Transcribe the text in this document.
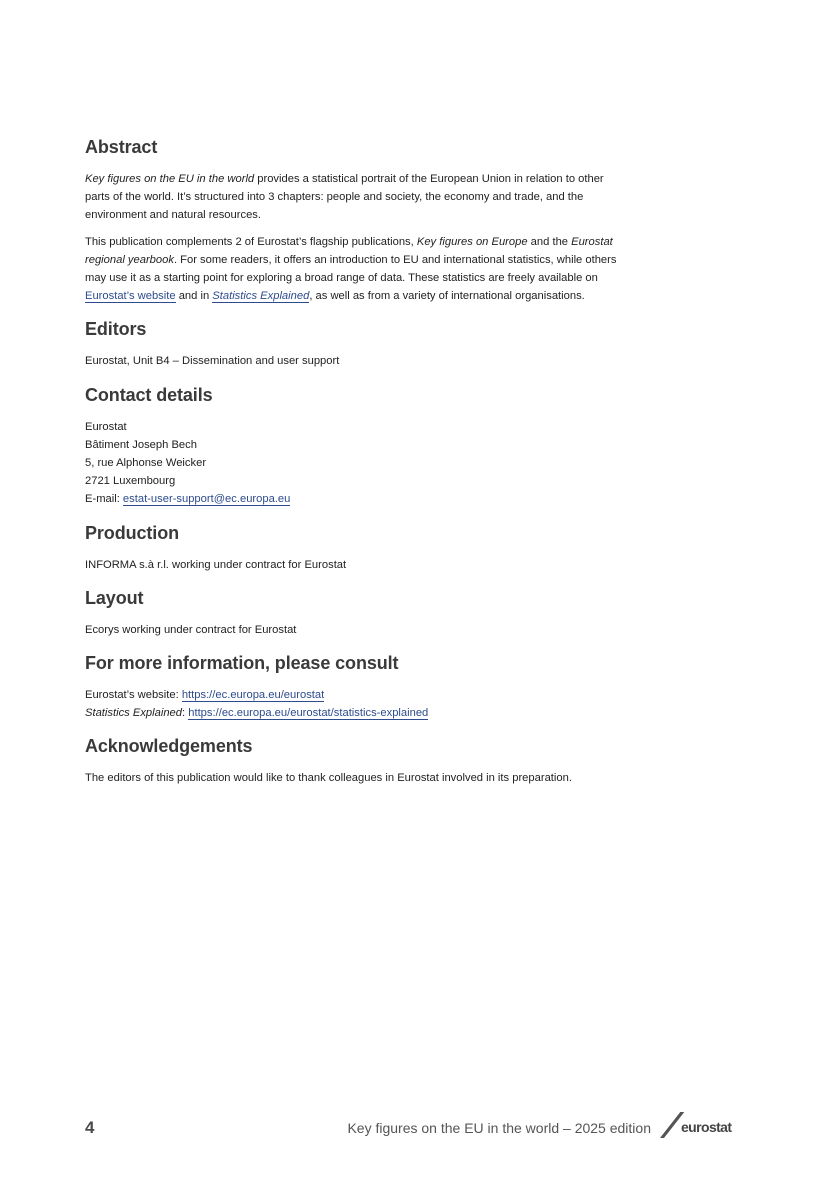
Abstract

Key figures on the EU in the world provides a statistical portrait of the European Union in relation to other parts of the world. It’s structured into 3 chapters: people and society, the economy and trade, and the environment and natural resources.

This publication complements 2 of Eurostat’s flagship publications, Key figures on Europe and the Eurostat regional yearbook. For some readers, it offers an introduction to EU and international statistics, while others may use it as a starting point for exploring a broad range of data. These statistics are freely available on Eurostat’s website and in Statistics Explained, as well as from a variety of international organisations.

Editors

Eurostat, Unit B4 – Dissemination and user support

Contact details
Eurostat
Bâtiment Joseph Bech
5, rue Alphonse Weicker
2721 Luxembourg
E-mail: estat-user-support@ec.europa.eu
Production

INFORMA s.à r.l. working under contract for Eurostat

Layout

Ecorys working under contract for Eurostat

For more information, please consult
Eurostat’s website: https://ec.europa.eu/eurostat
Statistics Explained: https://ec.europa.eu/eurostat/statistics-explained
Acknowledgements

The editors of this publication would like to thank colleagues in Eurostat involved in its preparation.

4	Key figures on the EU in the world – 2025 edition eurostat
